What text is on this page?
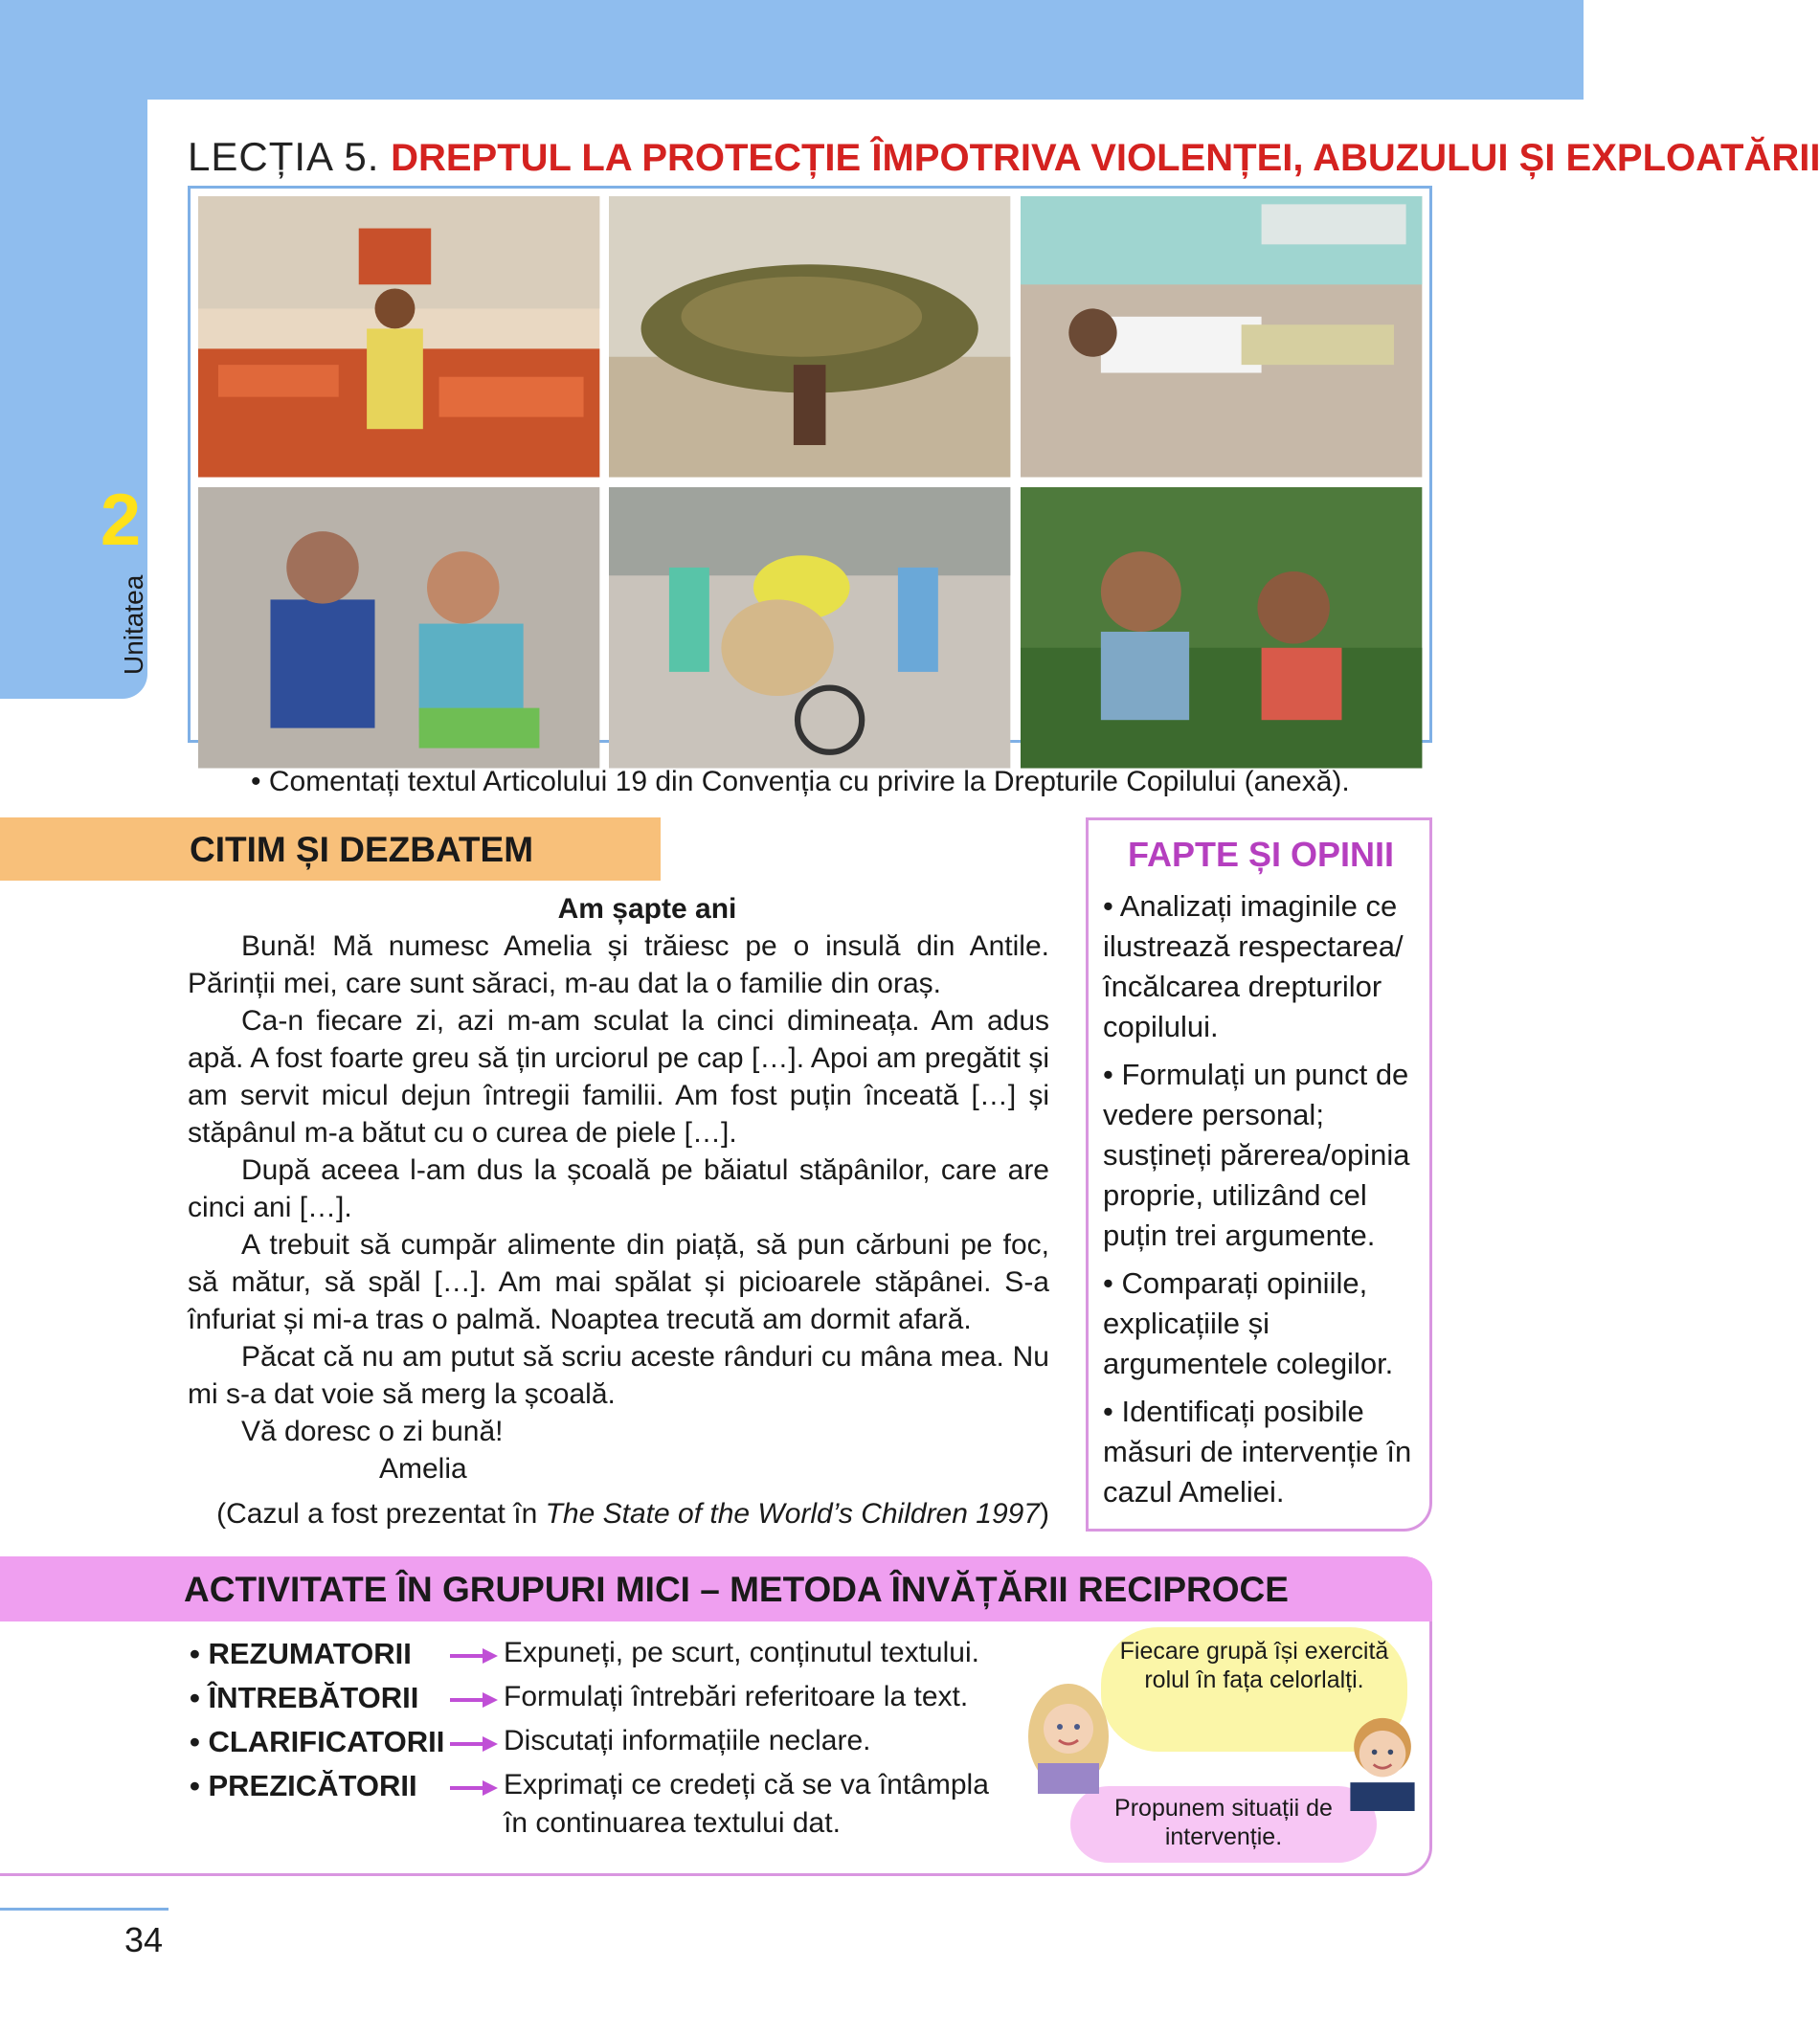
2
Unitatea
LECȚIA 5. DREPTUL LA PROTECȚIE ÎMPOTRIVA VIOLENȚEI, ABUZULUI ȘI EXPLOATĂRII
• Comentați textul Articolului 19 din Convenția cu privire la Drepturile Copilului (anexă).
CITIM ȘI DEZBATEM
Am șapte ani

Bună! Mă numesc Amelia și trăiesc pe o insulă din Antile. Părinții mei, care sunt săraci, m-au dat la o familie din oraș.

Ca-n fiecare zi, azi m-am sculat la cinci dimineața. Am adus apă. A fost foarte greu să țin urciorul pe cap […]. Apoi am pregătit și am servit micul dejun întregii familii. Am fost puțin înceată […] și stăpânul m-a bătut cu o curea de piele […].

După aceea l-am dus la școală pe băiatul stăpânilor, care are cinci ani […].

A trebuit să cumpăr alimente din piață, să pun cărbuni pe foc, să mătur, să spăl […]. Am mai spălat și picioarele stăpânei. S-a înfuriat și mi-a tras o palmă. Noaptea trecută am dormit afară.

Păcat că nu am putut să scriu aceste rânduri cu mâna mea. Nu mi s-a dat voie să merg la școală.

Vă doresc o zi bună!
Amelia
(Cazul a fost prezentat în The State of the World’s Children 1997)
FAPTE ȘI OPINII
• Analizați imaginile ce ilustrează respectarea/ încălcarea drepturilor copilului.
• Formulați un punct de vedere personal; susțineți părerea/opinia proprie, utilizând cel puțin trei argumente.
• Comparați opiniile, explicațiile și argumentele colegilor.
• Identificați posibile măsuri de intervenție în cazul Ameliei.
ACTIVITATE ÎN GRUPURI MICI – METODA ÎNVĂȚĂRII RECIPROCE
• REZUMATORII	Expuneți, pe scurt, conținutul textului.
• ÎNTREBĂTORII	Formulați întrebări referitoare la text.
• CLARIFICATORII Discutați informațiile neclare.
• PREZICĂTORII	Exprimați ce credeți că se va întâmpla
în continuarea textului dat.
Fiecare grupă își exercită rolul în fața celorlalți.
Propunem situații de intervenție.
34
